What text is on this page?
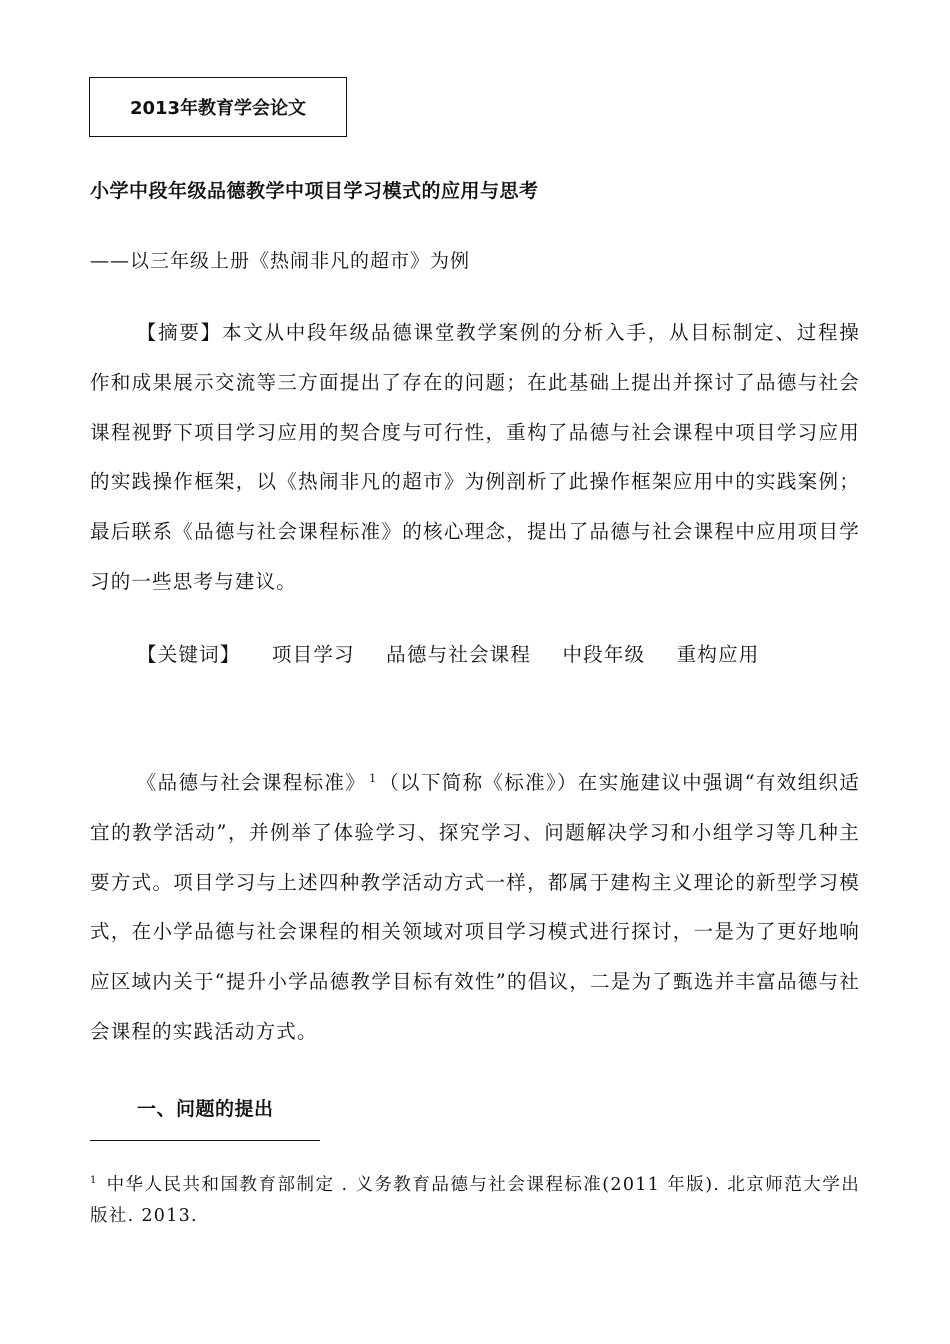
2013年教育学会论文
小学中段年级品德教学中项目学习模式的应用与思考
——以三年级上册《热闹非凡的超市》为例
【摘要】本文从中段年级品德课堂教学案例的分析入手，从目标制定、过程操作和成果展示交流等三方面提出了存在的问题；在此基础上提出并探讨了品德与社会课程视野下项目学习应用的契合度与可行性，重构了品德与社会课程中项目学习应用的实践操作框架，以《热闹非凡的超市》为例剖析了此操作框架应用中的实践案例；最后联系《品德与社会课程标准》的核心理念，提出了品德与社会课程中应用项目学习的一些思考与建议。
【关键词】 项目学习 品德与社会课程 中段年级 重构应用
《品德与社会课程标准》 $^1$ （以下简称《标准》）在实施建议中强调“有效组织适宜的教学活动”，并例举了体验学习、探究学习、问题解决学习和小组学习等几种主要方式。项目学习与上述四种教学活动方式一样，都属于建构主义理论的新型学习模式，在小学品德与社会课程的相关领域对项目学习模式进行探讨，一是为了更好地响应区域内关于“提升小学品德教学目标有效性”的倡议，二是为了甄选并丰富品德与社会课程的实践活动方式。
一、问题的提出
$^1$ 中华人民共和国教育部制定 . 义务教育品德与社会课程标准(2011 年版). 北京师范大学出版社. 2013.
